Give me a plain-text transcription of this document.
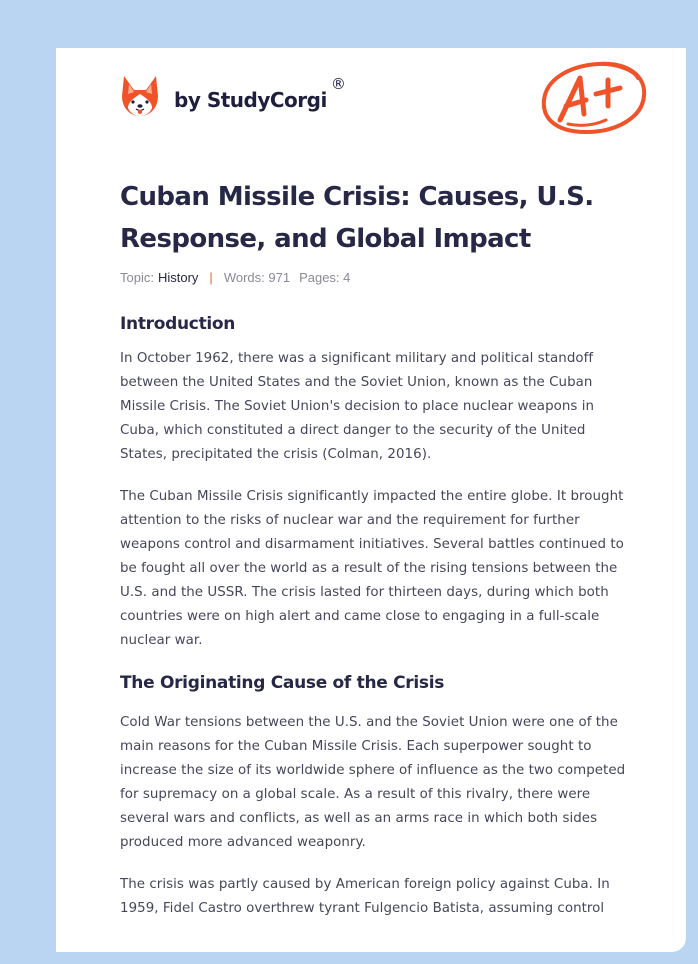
by StudyCorgi
®
Cuban Missile Crisis: Causes, U.S. Response, and Global Impact
Topic: History | Words: 971 Pages: 4
Introduction

In October 1962, there was a significant military and political standoff between the United States and the Soviet Union, known as the Cuban Missile Crisis. The Soviet Union's decision to place nuclear weapons in Cuba, which constituted a direct danger to the security of the United States, precipitated the crisis (Colman, 2016).

The Cuban Missile Crisis significantly impacted the entire globe. It brought attention to the risks of nuclear war and the requirement for further weapons control and disarmament initiatives. Several battles continued to be fought all over the world as a result of the rising tensions between the U.S. and the USSR. The crisis lasted for thirteen days, during which both countries were on high alert and came close to engaging in a full-scale nuclear war.

The Originating Cause of the Crisis

Cold War tensions between the U.S. and the Soviet Union were one of the main reasons for the Cuban Missile Crisis. Each superpower sought to increase the size of its worldwide sphere of influence as the two competed for supremacy on a global scale. As a result of this rivalry, there were several wars and conflicts, as well as an arms race in which both sides produced more advanced weaponry.

The crisis was partly caused by American foreign policy against Cuba. In 1959, Fidel Castro overthrew tyrant Fulgencio Batista, assuming control
